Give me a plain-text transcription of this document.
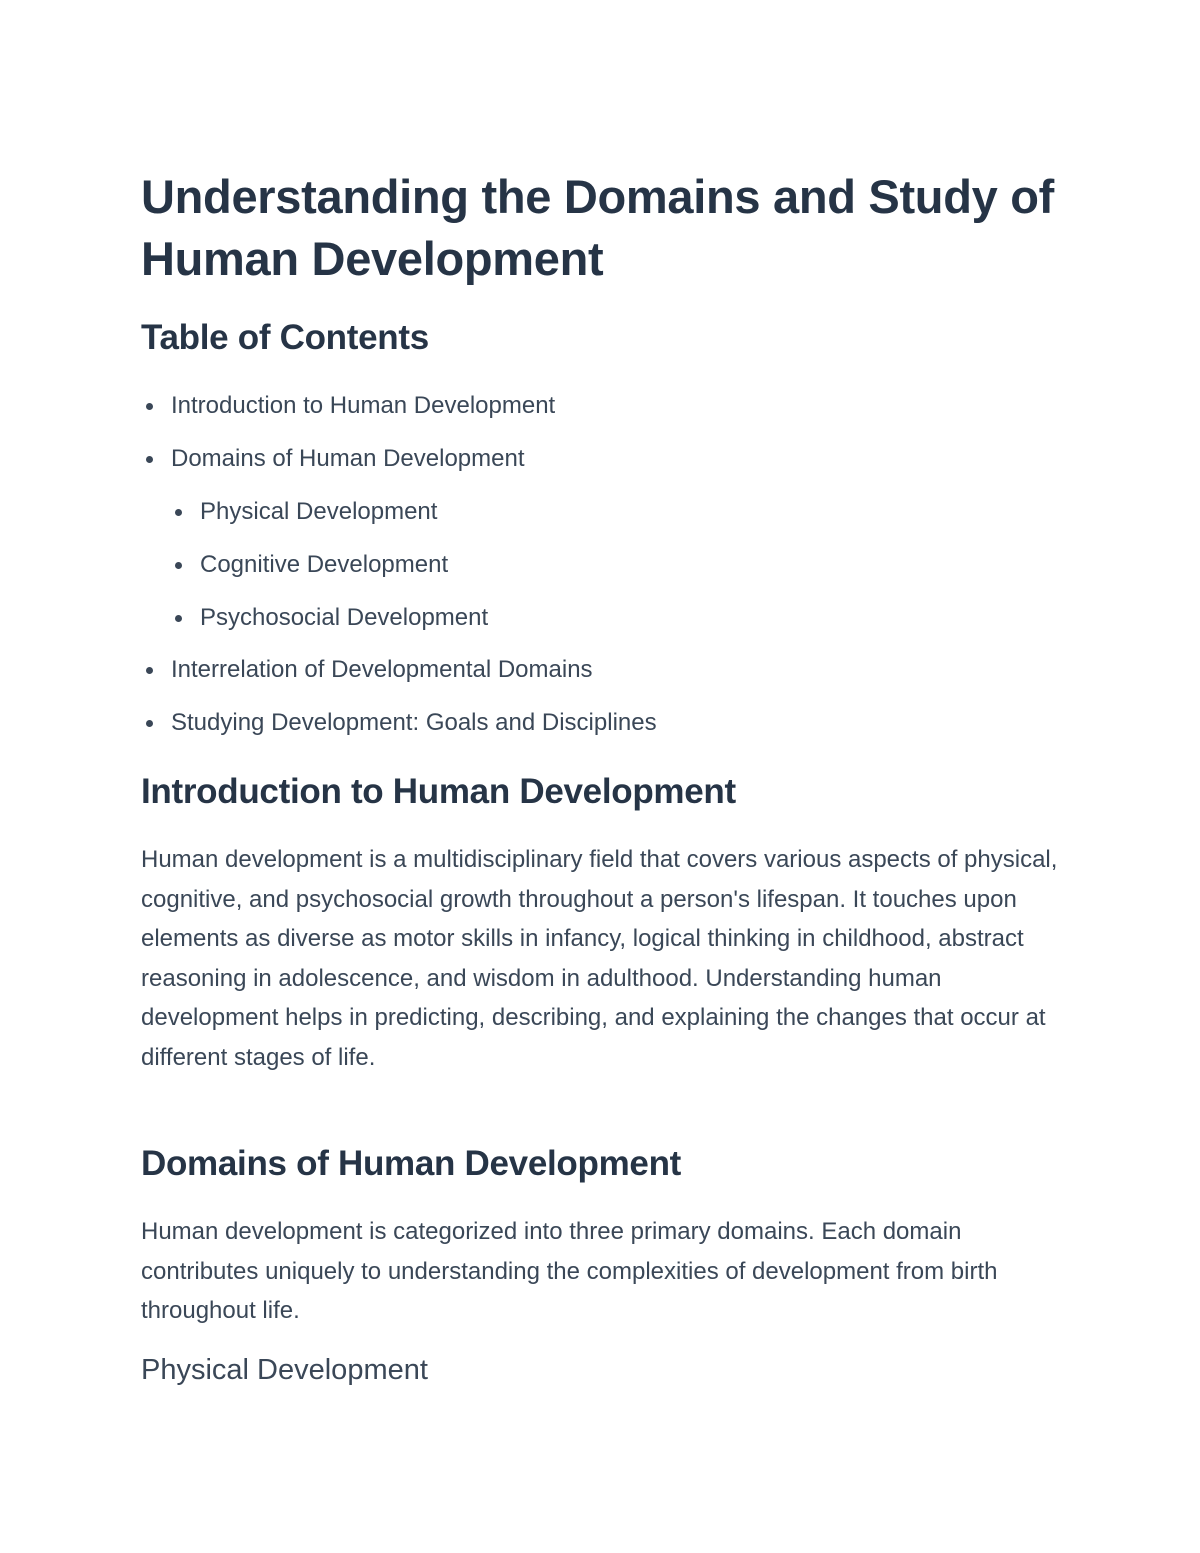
Understanding the Domains and Study of Human Development
Table of Contents
Introduction to Human Development
Domains of Human Development
Physical Development
Cognitive Development
Psychosocial Development
Interrelation of Developmental Domains
Studying Development: Goals and Disciplines
Introduction to Human Development

Human development is a multidisciplinary field that covers various aspects of physical, cognitive, and psychosocial growth throughout a person's lifespan. It touches upon elements as diverse as motor skills in infancy, logical thinking in childhood, abstract reasoning in adolescence, and wisdom in adulthood. Understanding human development helps in predicting, describing, and explaining the changes that occur at different stages of life.

Domains of Human Development

Human development is categorized into three primary domains. Each domain contributes uniquely to understanding the complexities of development from birth throughout life.

Physical Development
